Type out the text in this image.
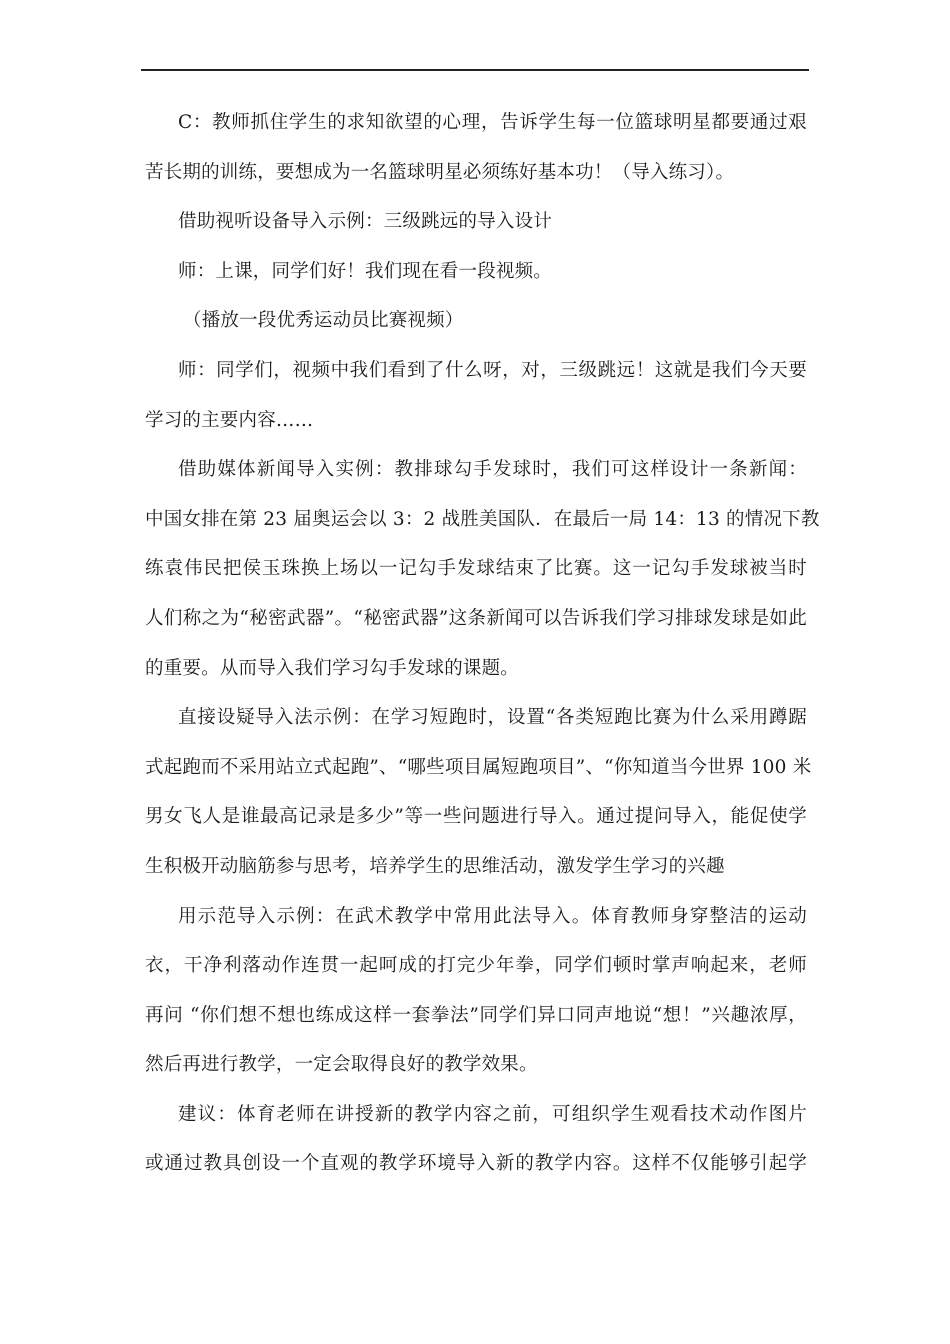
C：教师抓住学生的求知欲望的心理，告诉学生每一位篮球明星都要通过艰
苦长期的训练，要想成为一名篮球明星必须练好基本功！（导入练习）。
借助视听设备导入示例：三级跳远的导入设计
师：上课，同学们好！我们现在看一段视频。
（播放一段优秀运动员比赛视频）
师：同学们，视频中我们看到了什么呀，对，三级跳远！这就是我们今天要
学习的主要内容……
借助媒体新闻导入实例：教排球勾手发球时，我们可这样设计一条新闻：
中国女排在第 23 届奥运会以 3：2 战胜美国队．在最后一局 14：13 的情况下教
练袁伟民把侯玉珠换上场以一记勾手发球结束了比赛。这一记勾手发球被当时
人们称之为“秘密武器”。“秘密武器”这条新闻可以告诉我们学习排球发球是如此
的重要。从而导入我们学习勾手发球的课题。
直接设疑导入法示例：在学习短跑时，设置“各类短跑比赛为什么采用蹲踞
式起跑而不采用站立式起跑”、“哪些项目属短跑项目”、“你知道当今世界 100 米
男女飞人是谁最高记录是多少”等一些问题进行导入。通过提问导入，能促使学
生积极开动脑筋参与思考，培养学生的思维活动，激发学生学习的兴趣
用示范导入示例：在武术教学中常用此法导入。体育教师身穿整洁的运动
衣，干净利落动作连贯一起呵成的打完少年拳，同学们顿时掌声响起来，老师
再问 “你们想不想也练成这样一套拳法”同学们异口同声地说“想！”兴趣浓厚，
然后再进行教学，一定会取得良好的教学效果。
建议：体育老师在讲授新的教学内容之前，可组织学生观看技术动作图片
或通过教具创设一个直观的教学环境导入新的教学内容。这样不仅能够引起学
